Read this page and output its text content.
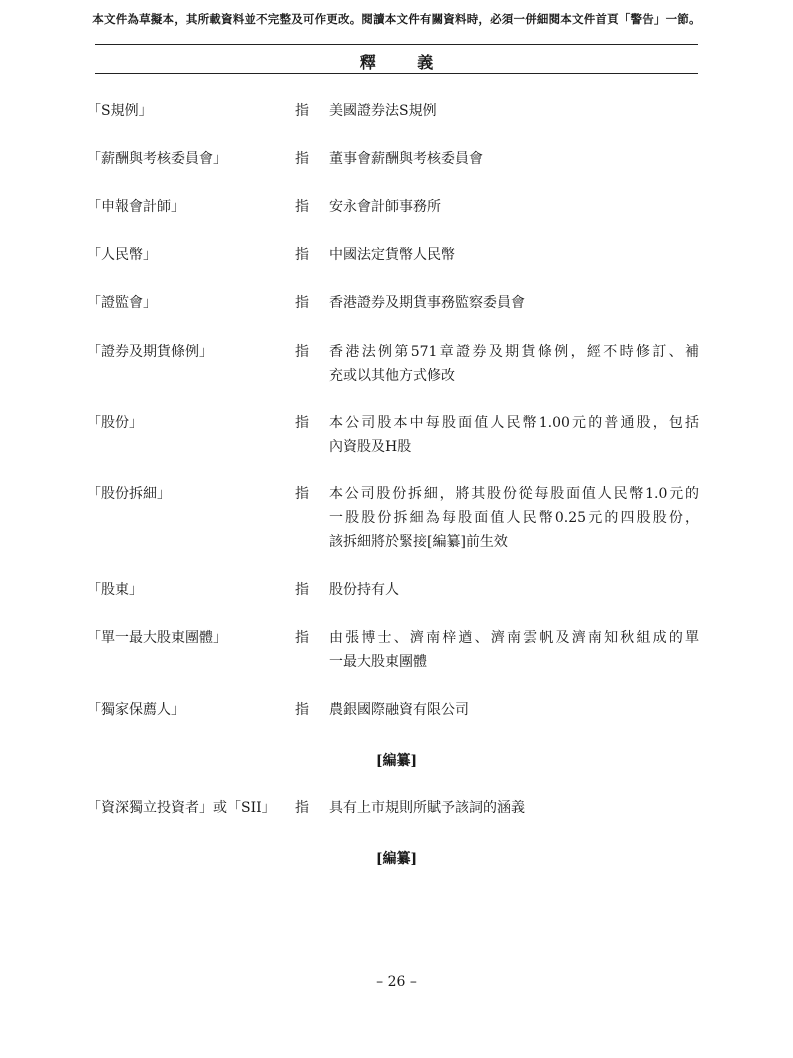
本文件為草擬本，其所載資料並不完整及可作更改。閱讀本文件有關資料時，必須一併細閱本文件首頁「警告」一節。
釋 義
「S規例」	指 美國證券法S規例
「薪酬與考核委員會」	指 董事會薪酬與考核委員會
「申報會計師」	指 安永會計師事務所
「人民幣」	指 中國法定貨幣人民幣
「證監會」	指 香港證券及期貨事務監察委員會
「證券及期貨條例」	指 香港法例第571章證券及期貨條例，經不時修訂、補
充或以其他方式修改
「股份」	指 本公司股本中每股面值人民幣1.00元的普通股，包括
內資股及H股
「股份拆細」	指 本公司股份拆細，將其股份從每股面值人民幣1.0元的
一股股份拆細為每股面值人民幣0.25元的四股股份，
該拆細將於緊接[編纂]前生效
「股東」	指 股份持有人
「單一最大股東團體」	指 由張博士、濟南梓遒、濟南雲帆及濟南知秋組成的單
一最大股東團體
「獨家保薦人」	指 農銀國際融資有限公司
[編纂]
「資深獨立投資者」或「SII」 指 具有上市規則所賦予該詞的涵義
[編纂]
– 26 –
